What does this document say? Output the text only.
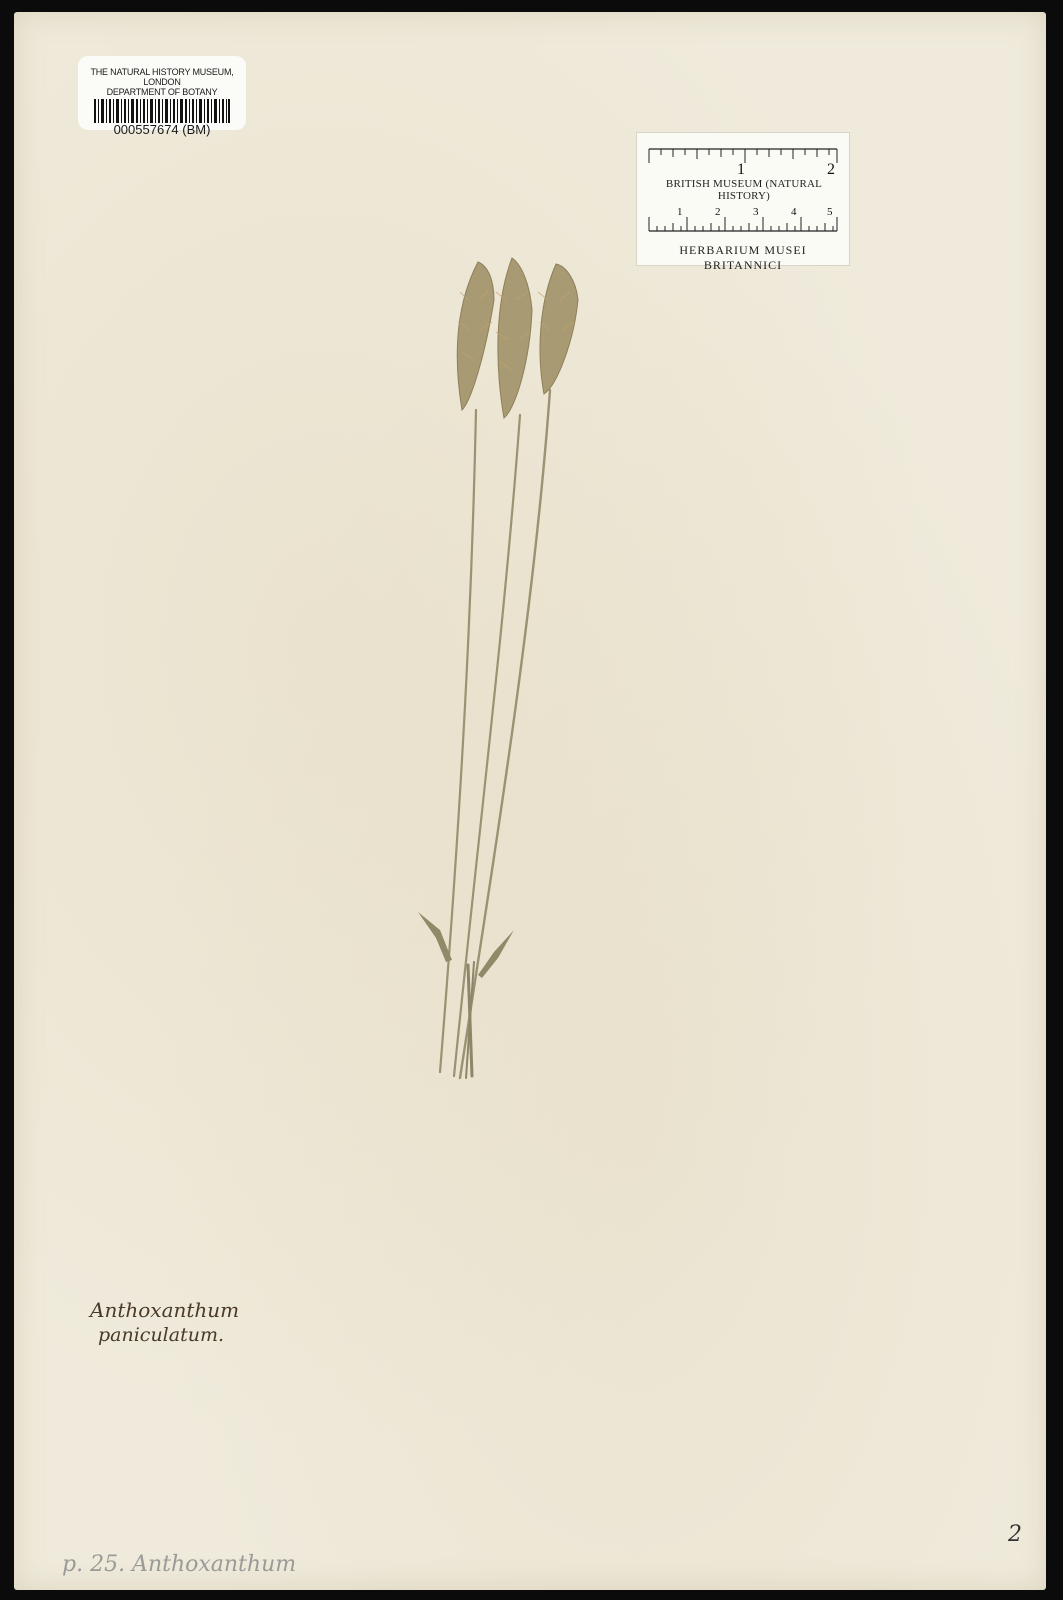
THE NATURAL HISTORY MUSEUM, LONDON
DEPARTMENT OF BOTANY
000557674 (BM)
1	2
1	2	3	4	5
BRITISH MUSEUM (NATURAL HISTORY)
HERBARIUM MUSEI BRITANNICI
Anthoxanthum
paniculatum.
p. 25. Anthoxanthum
2
